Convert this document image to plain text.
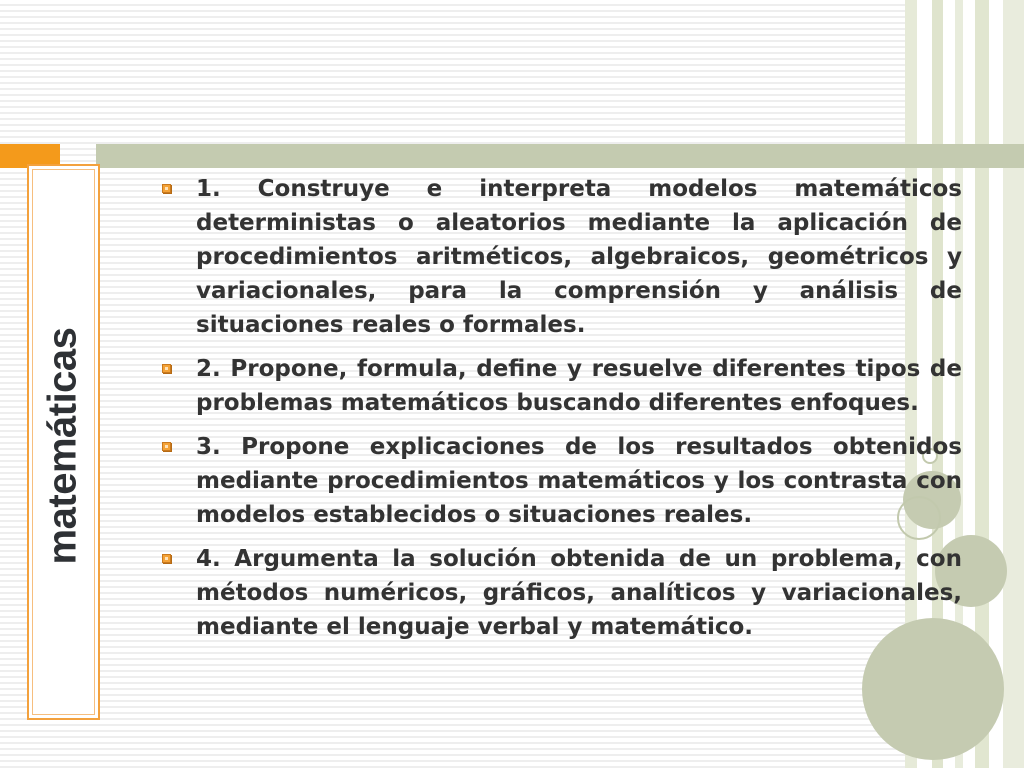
matemáticas
1. Construye e interpreta modelos matemáticos deterministas o aleatorios mediante la aplicación de procedimientos aritméticos, algebraicos, geométricos y variacionales, para la comprensión y análisis de situaciones reales o formales.
2. Propone, formula, define y resuelve diferentes tipos de problemas matemáticos buscando diferentes enfoques.
3. Propone explicaciones de los resultados obtenidos mediante procedimientos matemáticos y los contrasta con modelos establecidos o situaciones reales.
4. Argumenta la solución obtenida de un problema, con métodos numéricos, gráficos, analíticos y variacionales, mediante el lenguaje verbal y matemático.
